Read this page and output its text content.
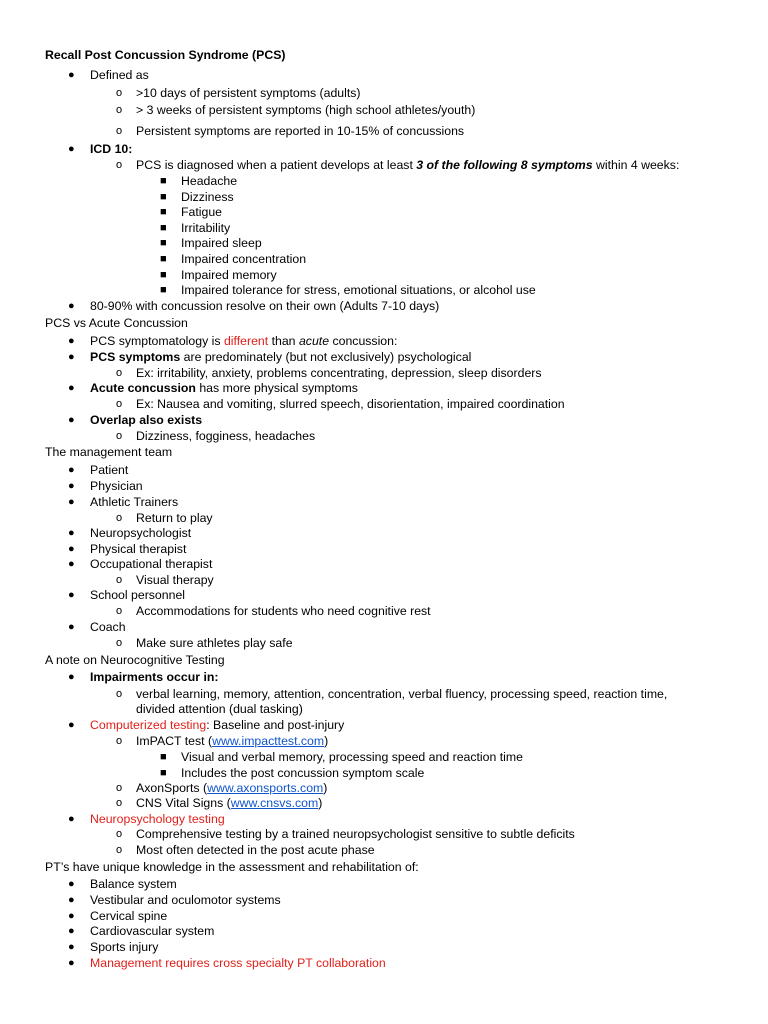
Recall Post Concussion Syndrome (PCS)
● Defined as
o >10 days of persistent symptoms (adults)
o > 3 weeks of persistent symptoms (high school athletes/youth)
o Persistent symptoms are reported in 10-15% of concussions
● ICD 10:
o PCS is diagnosed when a patient develops at least 3 of the following 8 symptoms within 4 weeks:
■ Headache
■ Dizziness
■ Fatigue
■ Irritability
■ Impaired sleep
■ Impaired concentration
■ Impaired memory
■ Impaired tolerance for stress, emotional situations, or alcohol use
● 80-90% with concussion resolve on their own (Adults 7-10 days)
PCS vs Acute Concussion
● PCS symptomatology is different than acute concussion:
● PCS symptoms are predominately (but not exclusively) psychological
o Ex: irritability, anxiety, problems concentrating, depression, sleep disorders
● Acute concussion has more physical symptoms
o Ex: Nausea and vomiting, slurred speech, disorientation, impaired coordination
● Overlap also exists
o Dizziness, fogginess, headaches
The management team
● Patient
● Physician
● Athletic Trainers
o Return to play
● Neuropsychologist
● Physical therapist
● Occupational therapist
o Visual therapy
● School personnel
o Accommodations for students who need cognitive rest
● Coach
o Make sure athletes play safe
A note on Neurocognitive Testing
● Impairments occur in:
o verbal learning, memory, attention, concentration, verbal fluency, processing speed, reaction time,
divided attention (dual tasking)
● Computerized testing: Baseline and post-injury
o ImPACT test (www.impacttest.com)
■ Visual and verbal memory, processing speed and reaction time
■ Includes the post concussion symptom scale
o AxonSports (www.axonsports.com)
o CNS Vital Signs (www.cnsvs.com)
● Neuropsychology testing
o Comprehensive testing by a trained neuropsychologist sensitive to subtle deficits
o Most often detected in the post acute phase
PT’s have unique knowledge in the assessment and rehabilitation of:
● Balance system
● Vestibular and oculomotor systems
● Cervical spine
● Cardiovascular system
● Sports injury
● Management requires cross specialty PT collaboration
